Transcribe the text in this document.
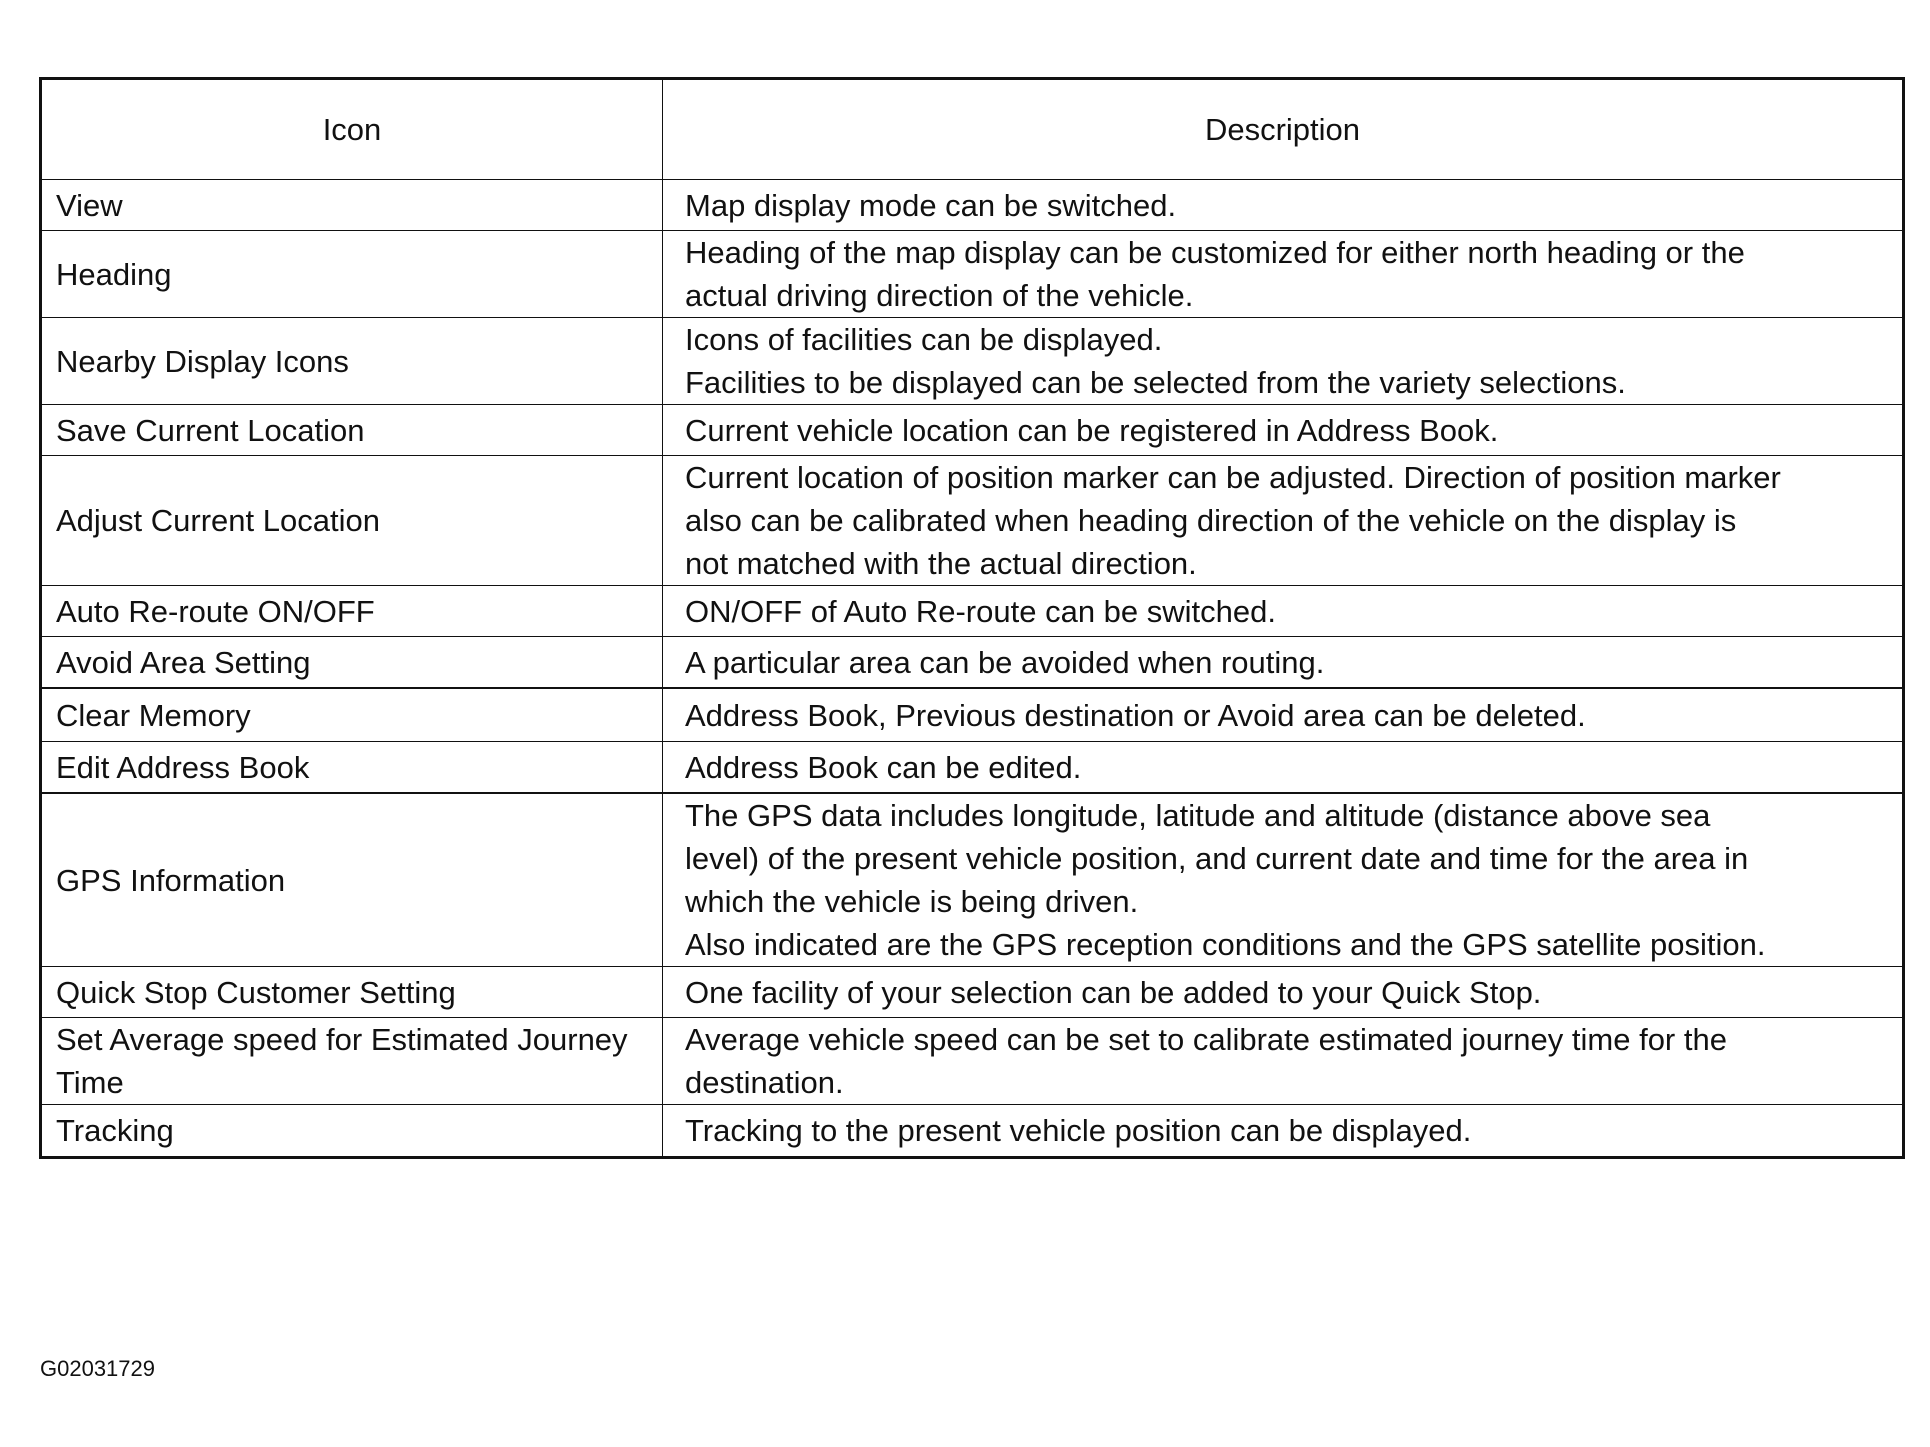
Icon	Description
View	Map display mode can be switched.

Heading	Heading of the map display can be customized for either north heading or the
actual driving direction of the vehicle.

Nearby Display Icons	Icons of facilities can be displayed.
Facilities to be displayed can be selected from the variety selections.

Save Current Location	Current vehicle location can be registered in Address Book.

Adjust Current Location	Current location of position marker can be adjusted. Direction of position marker
also can be calibrated when heading direction of the vehicle on the display is
not matched with the actual direction.

Auto Re-route ON/OFF	ON/OFF of Auto Re-route can be switched.

Avoid Area Setting	A particular area can be avoided when routing.

Clear Memory	Address Book, Previous destination or Avoid area can be deleted.

Edit Address Book	Address Book can be edited.

GPS Information	The GPS data includes longitude, latitude and altitude (distance above sea
level) of the present vehicle position, and current date and time for the area in
which the vehicle is being driven.
Also indicated are the GPS reception conditions and the GPS satellite position.

Quick Stop Customer Setting	One facility of your selection can be added to your Quick Stop.

Set Average speed for Estimated Journey Time	Average vehicle speed can be set to calibrate estimated journey time for the
destination.

Tracking	Tracking to the present vehicle position can be displayed.
G02031729
